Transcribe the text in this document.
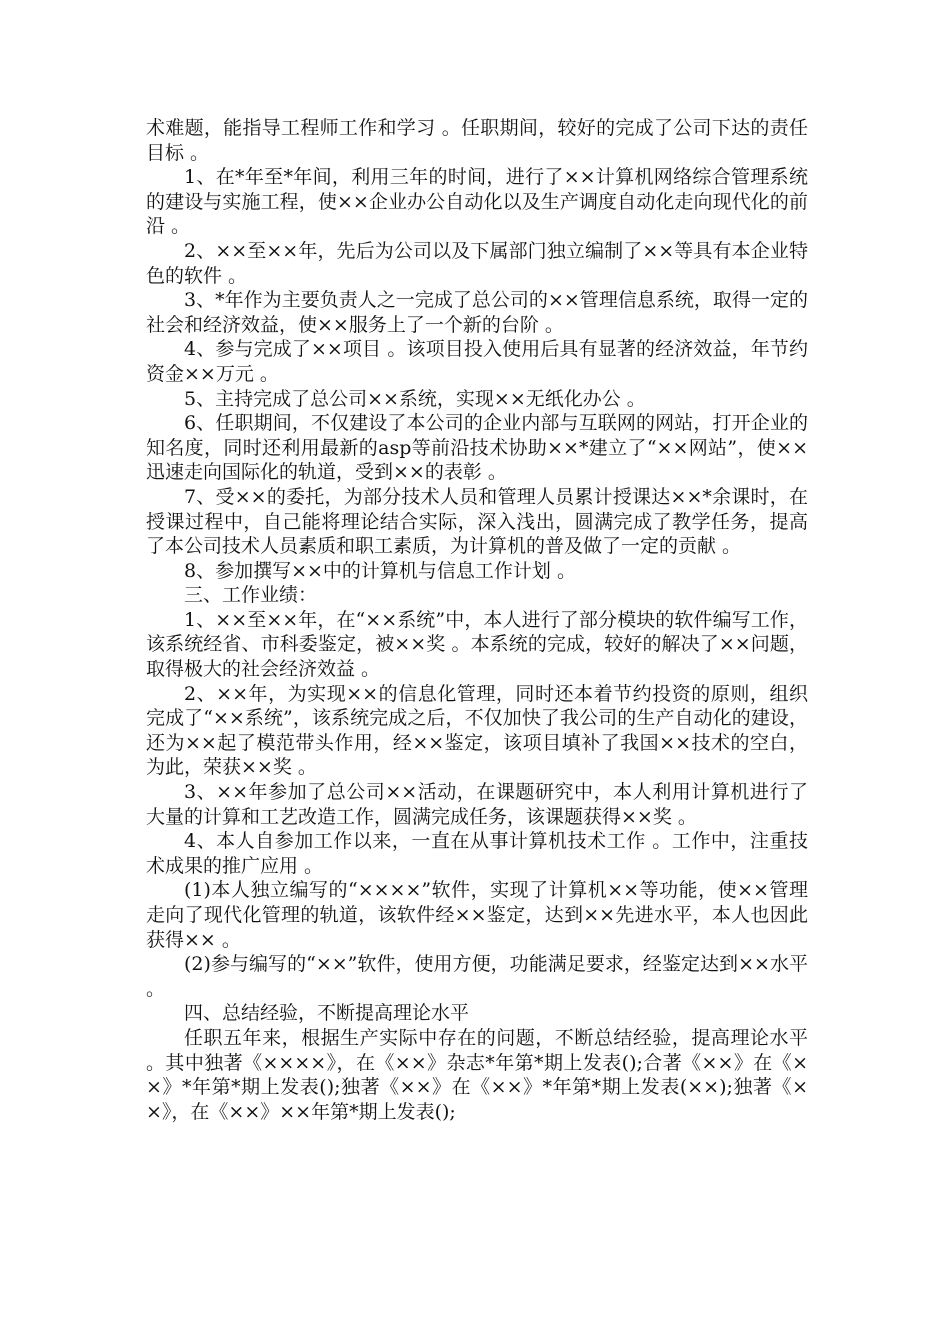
术难题，能指导工程师工作和学习 。任职期间，较好的完成了公司下达的责任目标 。

1、在*年至*年间，利用三年的时间，进行了××计算机网络综合管理系统的建设与实施工程，使××企业办公自动化以及生产调度自动化走向现代化的前沿 。

2、××至××年，先后为公司以及下属部门独立编制了××等具有本企业特色的软件 。

3、*年作为主要负责人之一完成了总公司的××管理信息系统，取得一定的社会和经济效益，使××服务上了一个新的台阶 。

4、参与完成了××项目 。该项目投入使用后具有显著的经济效益，年节约资金××万元 。

5、主持完成了总公司××系统，实现××无纸化办公 。

6、任职期间，不仅建设了本公司的企业内部与互联网的网站，打开企业的知名度，同时还利用最新的asp等前沿技术协助××*建立了“××网站”，使××迅速走向国际化的轨道，受到××的表彰 。

7、受××的委托，为部分技术人员和管理人员累计授课达××*余课时，在授课过程中，自己能将理论结合实际，深入浅出，圆满完成了教学任务，提高了本公司技术人员素质和职工素质，为计算机的普及做了一定的贡献 。

8、参加撰写××中的计算机与信息工作计划 。

三、工作业绩：

1、××至××年，在“××系统”中，本人进行了部分模块的软件编写工作，该系统经省、市科委鉴定，被××奖 。本系统的完成，较好的解决了××问题，取得极大的社会经济效益 。

2、××年，为实现××的信息化管理，同时还本着节约投资的原则，组织完成了“××系统”，该系统完成之后，不仅加快了我公司的生产自动化的建设，还为××起了模范带头作用，经××鉴定，该项目填补了我国××技术的空白，为此，荣获××奖 。

3、××年参加了总公司××活动，在课题研究中，本人利用计算机进行了大量的计算和工艺改造工作，圆满完成任务，该课题获得××奖 。

4、本人自参加工作以来，一直在从事计算机技术工作 。工作中，注重技术成果的推广应用 。

(1)本人独立编写的“××××”软件，实现了计算机××等功能，使××管理走向了现代化管理的轨道，该软件经××鉴定，达到××先进水平，本人也因此获得×× 。

(2)参与编写的“××”软件，使用方便，功能满足要求，经鉴定达到××水平 。

四、总结经验，不断提高理论水平

任职五年来，根据生产实际中存在的问题，不断总结经验，提高理论水平 。其中独著《××××》，在《××》杂志*年第*期上发表();合著《××》在《××》*年第*期上发表();独著《××》在《××》*年第*期上发表(××);独著《××》，在《××》××年第*期上发表();
